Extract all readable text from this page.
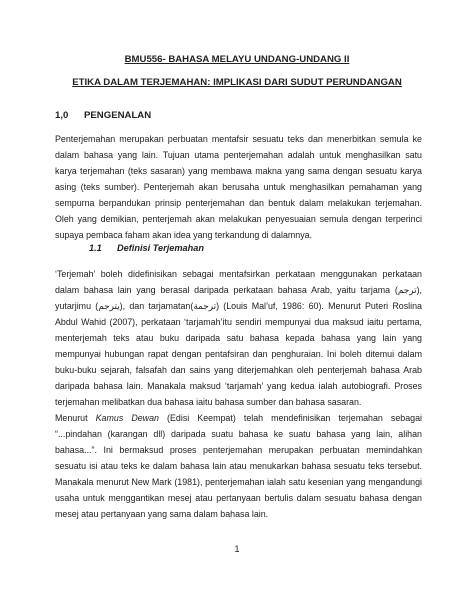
BMU556- BAHASA MELAYU UNDANG-UNDANG II
ETIKA DALAM TERJEMAHAN: IMPLIKASI DARI SUDUT PERUNDANGAN
1,0 PENGENALAN
Penterjemahan merupakan perbuatan mentafsir sesuatu teks dan menerbitkan semula ke dalam bahasa yang lain. Tujuan utama penterjemahan adalah untuk menghasilkan satu karya terjemahan (teks sasaran) yang membawa makna yang sama dengan sesuatu karya asing (teks sumber). Penterjemah akan berusaha untuk menghasilkan pemahaman yang sempurna berpandukan prinsip penterjemahan dan bentuk dalam melakukan terjemahan. Oleh yang demikian, penterjemah akan melakukan penyesuaian semula dengan terperinci supaya pembaca faham akan idea yang terkandung di dalamnya.
1.1 Definisi Terjemahan
‘Terjemah’ boleh didefinisikan sebagai mentafsirkan perkataan menggunakan perkataan dalam bahasa lain yang berasal daripada perkataan bahasa Arab, yaitu tarjama (ترجم), yutarjimu (يترجم), dan tarjamatan(ترجمة) (Louis Mal’uf, 1986: 60). Menurut Puteri Roslina Abdul Wahid (2007), perkataan ‘tarjamah’itu sendiri mempunyai dua maksud iaitu pertama, menterjemah teks atau buku daripada satu bahasa kepada bahasa yang lain yang mempunyai hubungan rapat dengan pentafsiran dan penghuraian. Ini boleh ditemui dalam buku-buku sejarah, falsafah dan sains yang diterjemahkan oleh penterjemah bahasa Arab daripada bahasa lain. Manakala maksud ‘tarjamah’ yang kedua ialah autobiografi. Proses terjemahan melibatkan dua bahasa iaitu bahasa sumber dan bahasa sasaran.
Menurut Kamus Dewan (Edisi Keempat) telah mendefinisikan terjemahan sebagai “...pindahan (karangan dll) daripada suatu bahasa ke suatu bahasa yang lain, alihan bahasa...”. Ini bermaksud proses penterjemahan merupakan perbuatan memindahkan sesuatu isi atau teks ke dalam bahasa lain atau menukarkan bahasa sesuatu teks tersebut. Manakala menurut New Mark (1981), penterjemahan ialah satu kesenian yang mengandungi usaha untuk menggantikan mesej atau pertanyaan bertulis dalam sesuatu bahasa dengan mesej atau pertanyaan yang sama dalam bahasa lain.
1
